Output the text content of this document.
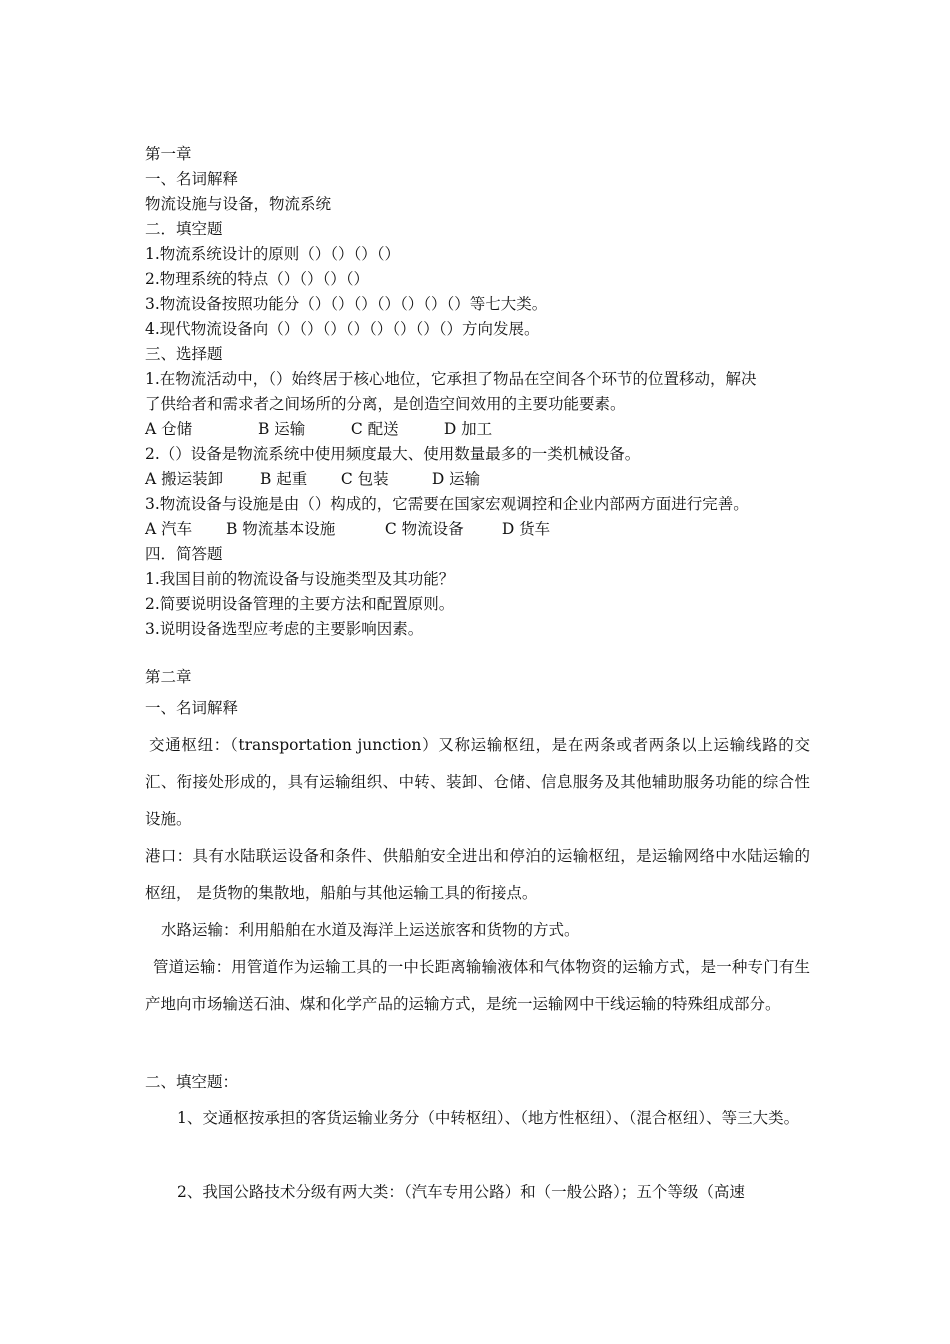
第一章
一、名词解释
物流设施与设备，物流系统
二．填空题
1.物流系统设计的原则（）（）（）（）
2.物理系统的特点（）（）（）（）
3.物流设备按照功能分（）（）（）（）（）（）（）等七大类。
4.现代物流设备向（）（）（）（）（）（）（）（）方向发展。
三、选择题
1.在物流活动中，（）始终居于核心地位，它承担了物品在空间各个环节的位置移动，解决
了供给者和需求者之间场所的分离，是创造空间效用的主要功能要素。
A 仓储	B 运输	C 配送	D 加工
2.（）设备是物流系统中使用频度最大、使用数量最多的一类机械设备。
A 搬运装卸 B 起重 C 包装	D 运输
3.物流设备与设施是由（）构成的，它需要在国家宏观调控和企业内部两方面进行完善。
A 汽车 B 物流基本设施	C 物流设备 D 货车
四．简答题
1.我国目前的物流设备与设施类型及其功能？
2.简要说明设备管理的主要方法和配置原则。
3.说明设备选型应考虑的主要影响因素。
第二章
一、名词解释
交通枢纽：（transportation junction）又称运输枢纽，是在两条或者两条以上运输线路的交汇、衔接处形成的，具有运输组织、中转、装卸、仓储、信息服务及其他辅助服务功能的综合性设施。
港口：具有水陆联运设备和条件、供船舶安全进出和停泊的运输枢纽，是运输网络中水陆运输的枢纽， 是货物的集散地，船舶与其他运输工具的衔接点。
水路运输：利用船舶在水道及海洋上运送旅客和货物的方式。
管道运输：用管道作为运输工具的一中长距离输输液体和气体物资的运输方式，是一种专门有生产地向市场输送石油、煤和化学产品的运输方式，是统一运输网中干线运输的特殊组成部分。
二、填空题：
1、交通枢按承担的客货运输业务分（中转枢纽）、（地方性枢纽）、（混合枢纽）、等三大类。
2、我国公路技术分级有两大类：（汽车专用公路）和（一般公路）；五个等级（高速
